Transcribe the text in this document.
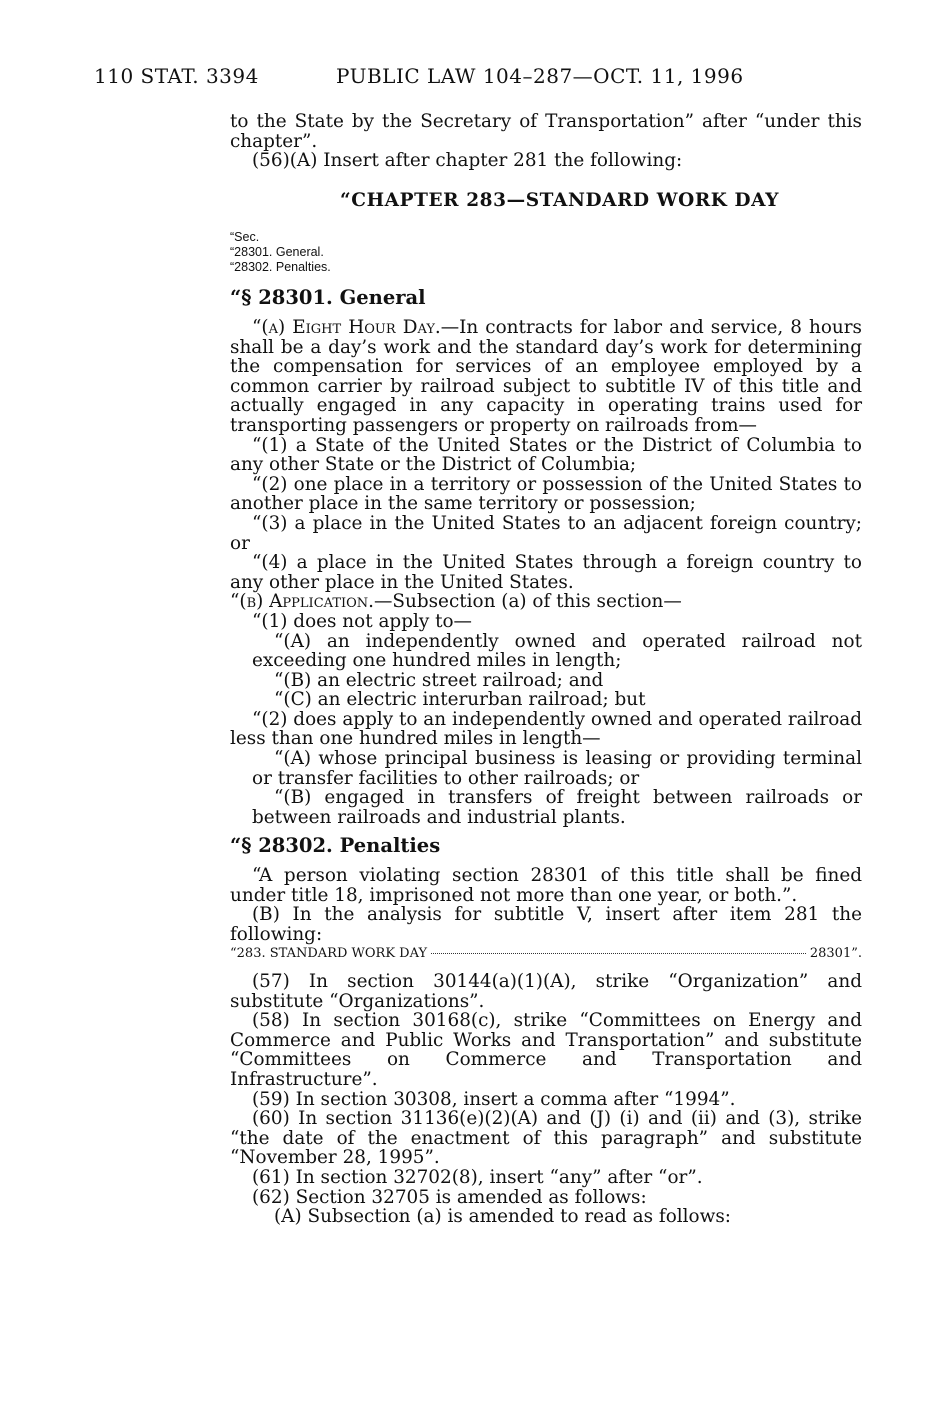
110 STAT. 3394	PUBLIC LAW 104–287—OCT. 11, 1996

to the State by the Secretary of Transportation” after “under this chapter”.

(56)(A) Insert after chapter 281 the following:

“CHAPTER 283—STANDARD WORK DAY
“Sec.
“28301. General.
“28302. Penalties.
“§ 28301. General

“(a) Eight Hour Day.—In contracts for labor and service, 8 hours shall be a day’s work and the standard day’s work for determining the compensation for services of an employee employed by a common carrier by railroad subject to subtitle IV of this title and actually engaged in any capacity in operating trains used for transporting passengers or property on railroads from—

“(1) a State of the United States or the District of Columbia to any other State or the District of Columbia;

“(2) one place in a territory or possession of the United States to another place in the same territory or possession;

“(3) a place in the United States to an adjacent foreign country; or

“(4) a place in the United States through a foreign country to any other place in the United States.

“(b) Application.—Subsection (a) of this section—

“(1) does not apply to—

“(A) an independently owned and operated railroad not exceeding one hundred miles in length;

“(B) an electric street railroad; and

“(C) an electric interurban railroad; but

“(2) does apply to an independently owned and operated railroad less than one hundred miles in length—

“(A) whose principal business is leasing or providing terminal or transfer facilities to other railroads; or

“(B) engaged in transfers of freight between railroads or between railroads and industrial plants.

“§ 28302. Penalties

“A person violating section 28301 of this title shall be fined under title 18, imprisoned not more than one year, or both.”.

(B) In the analysis for subtitle V, insert after item 281 the following:

“283. STANDARD WORK DAY	28301”.

(57) In section 30144(a)(1)(A), strike “Organization” and substitute “Organizations”.

(58) In section 30168(c), strike “Committees on Energy and Commerce and Public Works and Transportation” and substitute “Committees on Commerce and Transportation and Infrastructure”.

(59) In section 30308, insert a comma after “1994”.

(60) In section 31136(e)(2)(A) and (J) (i) and (ii) and (3), strike “the date of the enactment of this paragraph” and substitute “November 28, 1995”.

(61) In section 32702(8), insert “any” after “or”.

(62) Section 32705 is amended as follows:

(A) Subsection (a) is amended to read as follows:
